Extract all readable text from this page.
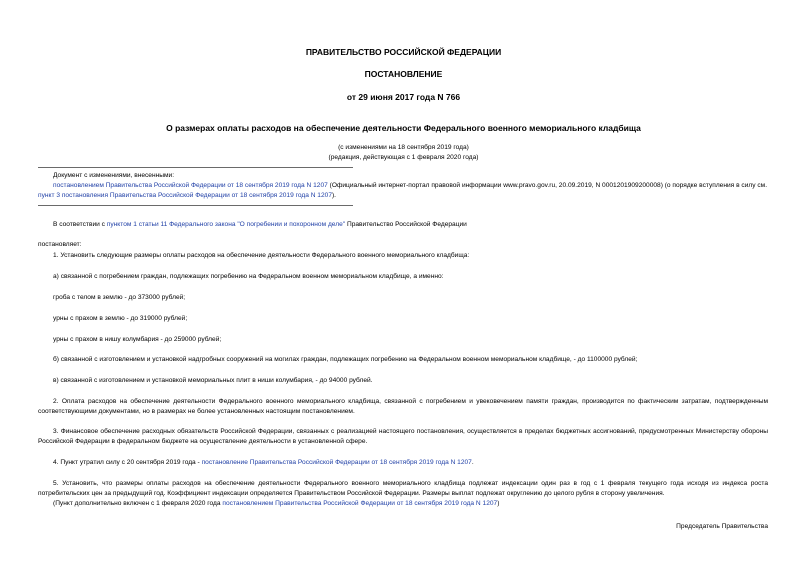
ПРАВИТЕЛЬСТВО РОССИЙСКОЙ ФЕДЕРАЦИИ
ПОСТАНОВЛЕНИЕ
от 29 июня 2017 года N 766
О размерах оплаты расходов на обеспечение деятельности Федерального военного мемориального кладбища
(с изменениями на 18 сентября 2019 года)
(редакция, действующая с 1 февраля 2020 года)
Документ с изменениями, внесенными:
постановлением Правительства Российской Федерации от 18 сентября 2019 года N 1207 (Официальный интернет-портал правовой информации www.pravo.gov.ru, 20.09.2019, N 0001201909200008) (о порядке вступления в силу см. пункт 3 постановления Правительства Российской Федерации от 18 сентября 2019 года N 1207).
В соответствии с пунктом 1 статьи 11 Федерального закона "О погребении и похоронном деле" Правительство Российской Федерации
постановляет:
1. Установить следующие размеры оплаты расходов на обеспечение деятельности Федерального военного мемориального кладбища:
а) связанной с погребением граждан, подлежащих погребению на Федеральном военном мемориальном кладбище, а именно:
гроба с телом в землю - до 373000 рублей;
урны с прахом в землю - до 319000 рублей;
урны с прахом в нишу колумбария - до 259000 рублей;
б) связанной с изготовлением и установкой надгробных сооружений на могилах граждан, подлежащих погребению на Федеральном военном мемориальном кладбище, - до 1100000 рублей;
в) связанной с изготовлением и установкой мемориальных плит в ниши колумбария, - до 94000 рублей.
2. Оплата расходов на обеспечение деятельности Федерального военного мемориального кладбища, связанной с погребением и увековечением памяти граждан, производится по фактическим затратам, подтвержденным соответствующими документами, но в размерах не более установленных настоящим постановлением.
3. Финансовое обеспечение расходных обязательств Российской Федерации, связанных с реализацией настоящего постановления, осуществляется в пределах бюджетных ассигнований, предусмотренных Министерству обороны Российской Федерации в федеральном бюджете на осуществление деятельности в установленной сфере.
4. Пункт утратил силу с 20 сентября 2019 года - постановление Правительства Российской Федерации от 18 сентября 2019 года N 1207.
5. Установить, что размеры оплаты расходов на обеспечение деятельности Федерального военного мемориального кладбища подлежат индексации один раз в год с 1 февраля текущего года исходя из индекса роста потребительских цен за предыдущий год. Коэффициент индексации определяется Правительством Российской Федерации. Размеры выплат подлежат округлению до целого рубля в сторону увеличения.
(Пункт дополнительно включен с 1 февраля 2020 года постановлением Правительства Российской Федерации от 18 сентября 2019 года N 1207)
Председатель Правительства
